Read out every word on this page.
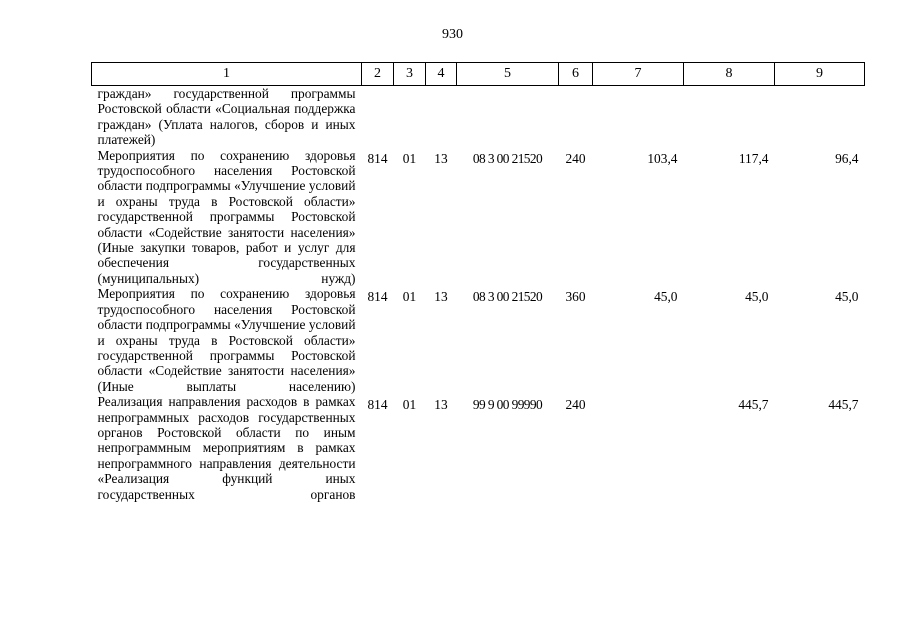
930
1	2	3	4	5	6	7	8	9
граждан» государственной программы Ростовской области «Социальная поддержка граждан» (Уплата налогов, сборов и иных платежей)								
Мероприятия по сохранению здоровья трудоспособного населения Ростовской области подпрограммы «Улучшение условий и охраны труда в Ростовской области» государственной программы Ростовской области «Содействие занятости населения» (Иные закупки товаров, работ и услуг для обеспечения государственных (муниципальных) нужд)	814	01	13	08 3 00 21520	240	103,4	117,4	96,4
Мероприятия по сохранению здоровья трудоспособного населения Ростовской области подпрограммы «Улучшение условий и охраны труда в Ростовской области» государственной программы Ростовской области «Содействие занятости населения» (Иные выплаты населению)	814	01	13	08 3 00 21520	360	45,0	45,0	45,0
Реализация направления расходов в рамках непрограммных расходов государственных органов Ростовской области по иным непрограммным мероприятиям в рамках непрограммного направления деятельности «Реализация функций иных государственных органов	814	01	13	99 9 00 99990	240		445,7	445,7
